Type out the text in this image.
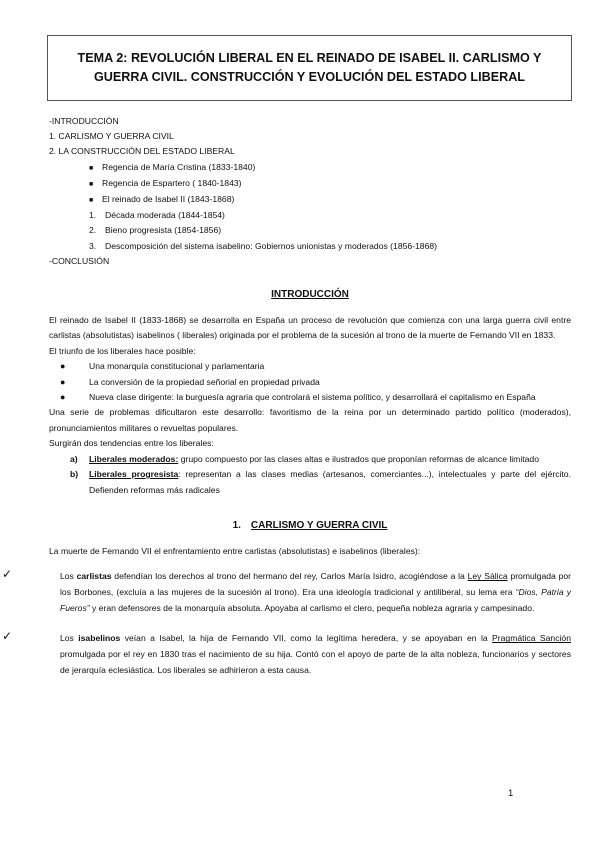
TEMA 2: REVOLUCIÓN LIBERAL EN EL REINADO DE ISABEL II. CARLISMO Y GUERRA CIVIL. CONSTRUCCIÓN Y EVOLUCIÓN DEL ESTADO LIBERAL
-INTRODUCCIÓN
1. CARLISMO Y GUERRA CIVIL
2. LA CONSTRUCCIÓN DEL ESTADO LIBERAL
■ Regencia de María Cristina (1833-1840)
■ Regencia de Espartero ( 1840-1843)
■ El reinado de Isabel II (1843-1868)
1. Década moderada (1844-1854)
2. Bieno progresista (1854-1856)
3. Descomposición del sistema isabelino: Gobiernos unionistas y moderados (1856-1868)
-CONCLUSIÓN
INTRODUCCIÓN

El reinado de Isabel II (1833-1868) se desarrolla en España un proceso de revolución que comienza con una larga guerra civil entre carlistas (absolutistas) isabelinos ( liberales) originada por el problema de la sucesión al trono de la muerte de Fernando VII en 1833.

El triunfo de los liberales hace posible:

●	Una monarquía constitucional y parlamentaria
●	La conversión de la propiedad señorial en propiedad privada
●	Nueva clase dirigente: la burguesía agraria que controlará el sistema político, y desarrollará el capitalismo en España

Una serie de problemas dificultaron este desarrollo: favoritismo de la reina por un determinado partido político (moderados), pronunciamientos militares o revueltas populares.

Surgirán dos tendencias entre los liberales:

a) Liberales moderados: grupo compuesto por las clases altas e ilustrados que proponían reformas de alcance limitado
b) Liberales progresista: representan a las clases medias (artesanos, comerciantes...), intelectuales y parte del ejército. Defienden reformas más radicales
1. CARLISMO Y GUERRA CIVIL

La muerte de Fernando VII el enfrentamiento entre carlistas (absolutistas) e isabelinos (liberales):

✓	Los carlistas defendían los derechos al trono del hermano del rey, Carlos María Isidro, acogiéndose a la Ley Sálica promulgada por los Borbones, (excluía a las mujeres de la sucesión al trono). Era una ideología tradicional y antiliberal, su lema era “Dios, Patria y Fueros” y eran defensores de la monarquía absoluta. Apoyaba al carlismo el clero, pequeña nobleza agraria y campesinado.
✓	Los isabelinos veían a Isabel, la hija de Fernando VII, como la legítima heredera, y se apoyaban en la Pragmática Sanción promulgada por el rey en 1830 tras el nacimiento de su hija. Contó con el apoyo de parte de la alta nobleza, funcionarios y sectores de jerarquía eclesiástica. Los liberales se adhirieron a esta causa.
1
